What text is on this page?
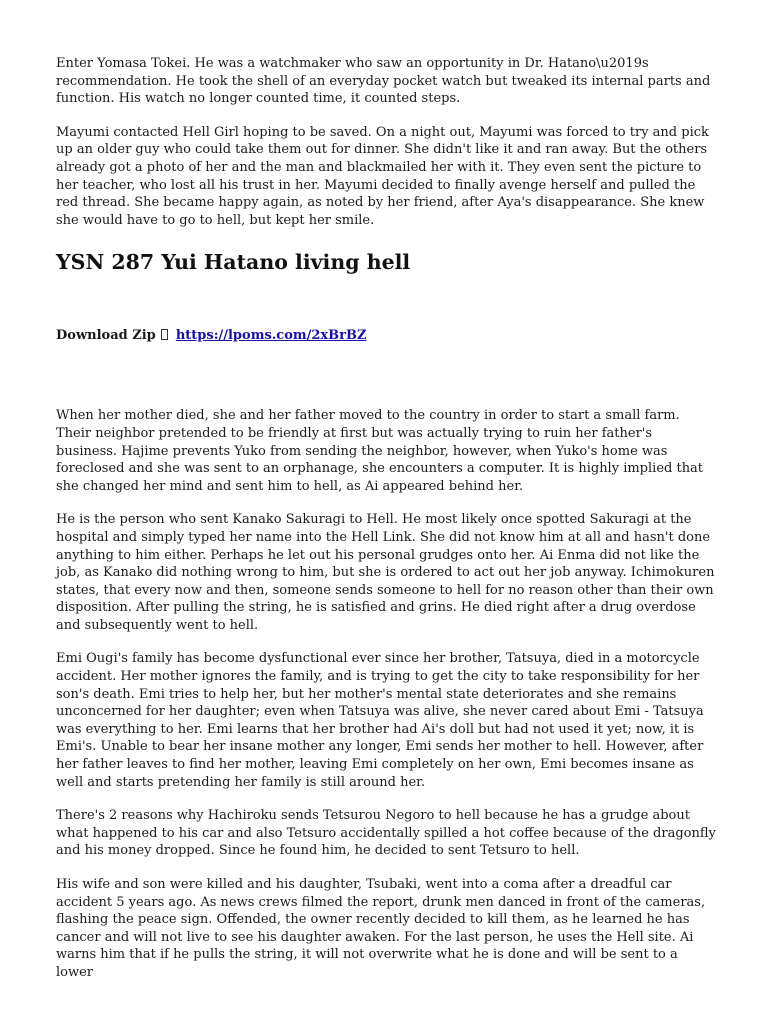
Enter Yomasa Tokei. He was a watchmaker who saw an opportunity in Dr. Hatano\u2019s recommendation. He took the shell of an everyday pocket watch but tweaked its internal parts and function. His watch no longer counted time, it counted steps.

Mayumi contacted Hell Girl hoping to be saved. On a night out, Mayumi was forced to try and pick up an older guy who could take them out for dinner. She didn't like it and ran away. But the others already got a photo of her and the man and blackmailed her with it. They even sent the picture to her teacher, who lost all his trust in her. Mayumi decided to finally avenge herself and pulled the red thread. She became happy again, as noted by her friend, after Aya's disappearance. She knew she would have to go to hell, but kept her smile.

YSN 287 Yui Hatano living hell
Download Zip https://lpoms.com/2xBrBZ

When her mother died, she and her father moved to the country in order to start a small farm. Their neighbor pretended to be friendly at first but was actually trying to ruin her father's business. Hajime prevents Yuko from sending the neighbor, however, when Yuko's home was foreclosed and she was sent to an orphanage, she encounters a computer. It is highly implied that she changed her mind and sent him to hell, as Ai appeared behind her.

He is the person who sent Kanako Sakuragi to Hell. He most likely once spotted Sakuragi at the hospital and simply typed her name into the Hell Link. She did not know him at all and hasn't done anything to him either. Perhaps he let out his personal grudges onto her. Ai Enma did not like the job, as Kanako did nothing wrong to him, but she is ordered to act out her job anyway. Ichimokuren states, that every now and then, someone sends someone to hell for no reason other than their own disposition. After pulling the string, he is satisfied and grins. He died right after a drug overdose and subsequently went to hell.

Emi Ougi's family has become dysfunctional ever since her brother, Tatsuya, died in a motorcycle accident. Her mother ignores the family, and is trying to get the city to take responsibility for her son's death. Emi tries to help her, but her mother's mental state deteriorates and she remains unconcerned for her daughter; even when Tatsuya was alive, she never cared about Emi - Tatsuya was everything to her. Emi learns that her brother had Ai's doll but had not used it yet; now, it is Emi's. Unable to bear her insane mother any longer, Emi sends her mother to hell. However, after her father leaves to find her mother, leaving Emi completely on her own, Emi becomes insane as well and starts pretending her family is still around her.

There's 2 reasons why Hachiroku sends Tetsurou Negoro to hell because he has a grudge about what happened to his car and also Tetsuro accidentally spilled a hot coffee because of the dragonfly and his money dropped. Since he found him, he decided to sent Tetsuro to hell.

His wife and son were killed and his daughter, Tsubaki, went into a coma after a dreadful car accident 5 years ago. As news crews filmed the report, drunk men danced in front of the cameras, flashing the peace sign. Offended, the owner recently decided to kill them, as he learned he has cancer and will not live to see his daughter awaken. For the last person, he uses the Hell site. Ai warns him that if he pulls the string, it will not overwrite what he is done and will be sent to a lower
